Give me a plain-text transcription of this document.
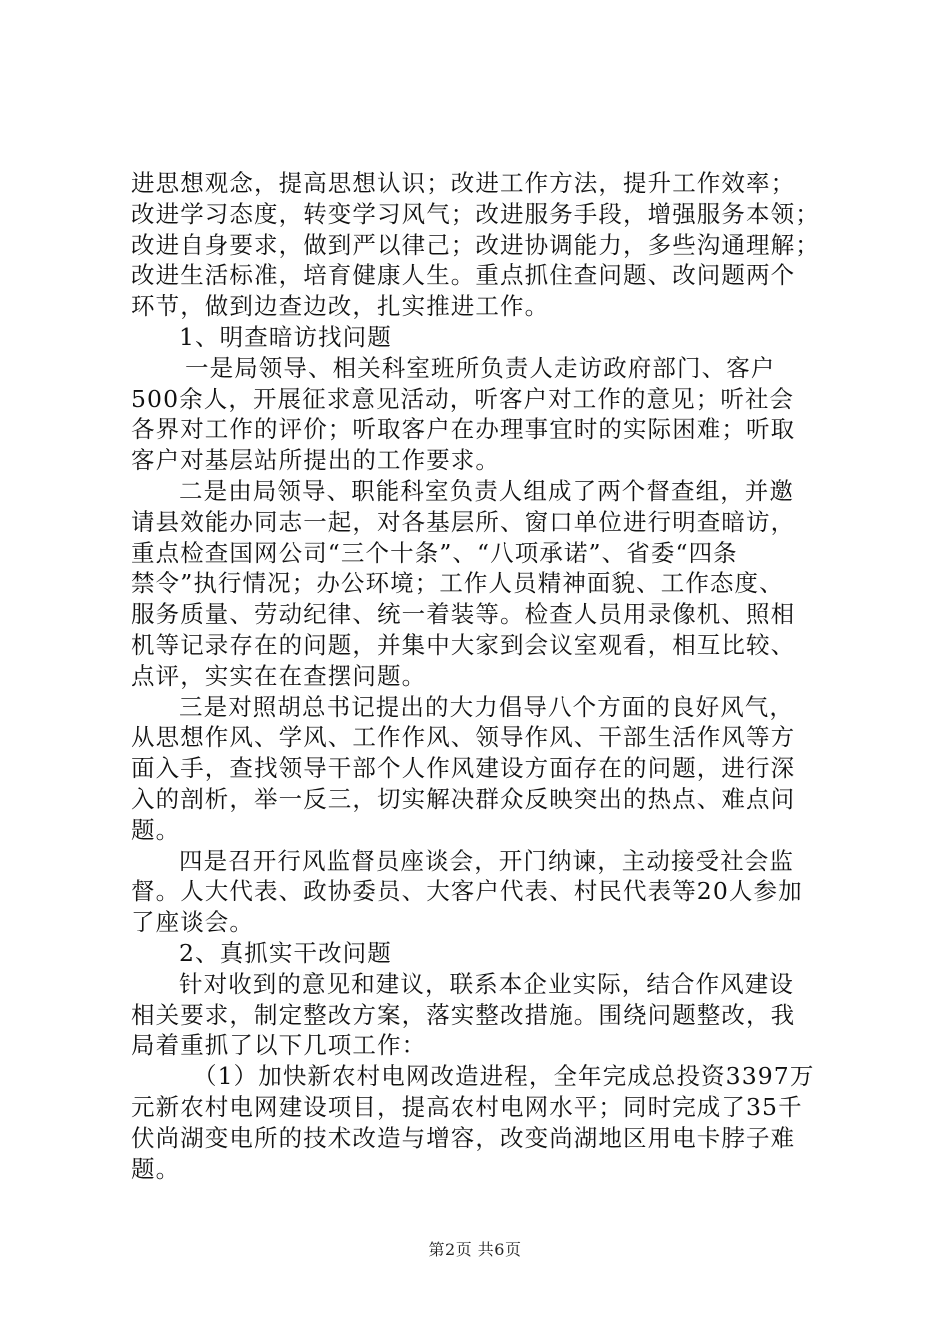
进思想观念，提高思想认识；改进工作方法，提升工作效率；
改进学习态度，转变学习风气；改进服务手段，增强服务本领；
改进自身要求，做到严以律己；改进协调能力，多些沟通理解；
改进生活标准，培育健康人生。重点抓住查问题、改问题两个
环节，做到边查边改，扎实推进工作。
1、明查暗访找问题
一是局领导、相关科室班所负责人走访政府部门、客户
500余人，开展征求意见活动，听客户对工作的意见；听社会
各界对工作的评价；听取客户在办理事宜时的实际困难；听取
客户对基层站所提出的工作要求。
二是由局领导、职能科室负责人组成了两个督查组，并邀
请县效能办同志一起，对各基层所、窗口单位进行明查暗访，
重点检查国网公司“三个十条”、“八项承诺”、省委“四条
禁令”执行情况；办公环境；工作人员精神面貌、工作态度、
服务质量、劳动纪律、统一着装等。检查人员用录像机、照相
机等记录存在的问题，并集中大家到会议室观看，相互比较、
点评，实实在在查摆问题。
三是对照胡总书记提出的大力倡导八个方面的良好风气，
从思想作风、学风、工作作风、领导作风、干部生活作风等方
面入手，查找领导干部个人作风建设方面存在的问题，进行深
入的剖析，举一反三，切实解决群众反映突出的热点、难点问
题。
四是召开行风监督员座谈会，开门纳谏，主动接受社会监
督。人大代表、政协委员、大客户代表、村民代表等20人参加
了座谈会。
2、真抓实干改问题
针对收到的意见和建议，联系本企业实际，结合作风建设
相关要求，制定整改方案，落实整改措施。围绕问题整改，我
局着重抓了以下几项工作：
（1）加快新农村电网改造进程，全年完成总投资3397万
元新农村电网建设项目，提高农村电网水平；同时完成了35千
伏尚湖变电所的技术改造与增容，改变尚湖地区用电卡脖子难
题。
第2页 共6页
